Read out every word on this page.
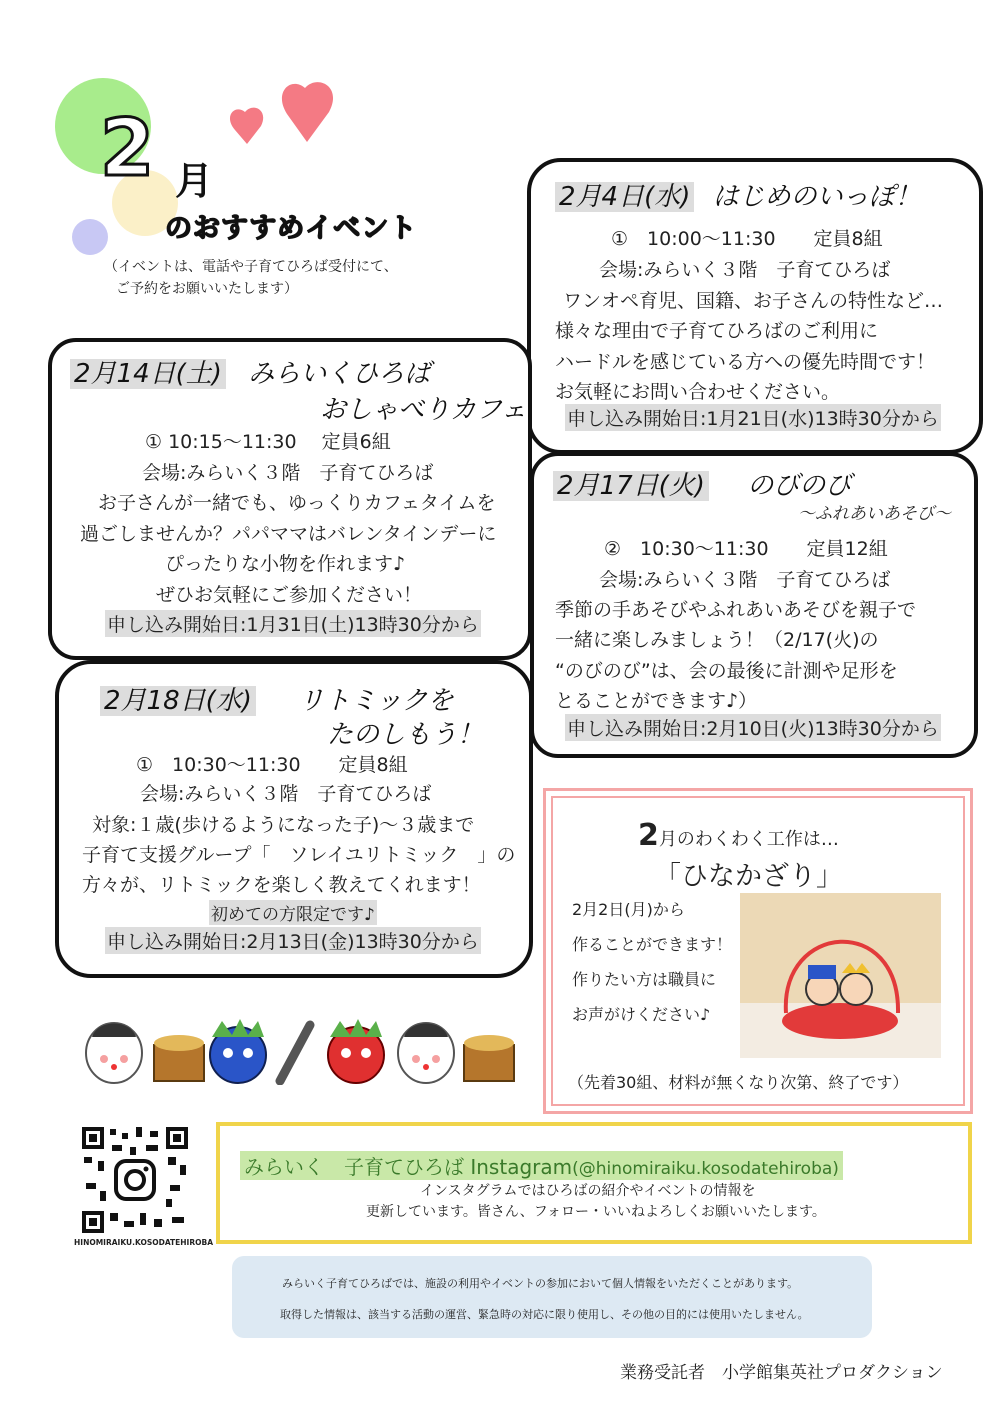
2 月
のおすすめイベント
（イベントは、電話や子育てひろば受付にて、
ご予約をお願いいたします）
2月4日(水) はじめのいっぽ！
①　10:00～11:30　　定員8組
会場:みらいく３階　子育てひろば
ワンオペ育児、国籍、お子さんの特性など…
様々な理由で子育てひろばのご利用に
ハードルを感じている方への優先時間です！
お気軽にお問い合わせください。
申し込み開始日:1月21日(水)13時30分から
2月14日(土) みらいくひろば
おしゃべりカフェ
① 10:15～11:30　 定員6組
会場:みらいく３階　子育てひろば
お子さんが一緒でも、ゆっくりカフェタイムを
過ごしませんか？パパママはバレンタインデーに
ぴったりな小物を作れます♪
ぜひお気軽にご参加ください！
申し込み開始日:1月31日(土)13時30分から
2月17日(火) のびのび
～ふれあいあそび～
②　10:30～11:30　　定員12組
会場:みらいく３階　子育てひろば
季節の手あそびやふれあいあそびを親子で
一緒に楽しみましょう！（2/17(火)の
“のびのび”は、会の最後に計測や足形を
とることができます♪）
申し込み開始日:2月10日(火)13時30分から
2月18日(水) リトミックを
たのしもう！
①　10:30～11:30　　定員8組
会場:みらいく３階　子育てひろば
対象:１歳(歩けるようになった子)～３歳まで
子育て支援グループ「　ソレイユリトミック　」の
方々が、リトミックを楽しく教えてくれます！
初めての方限定です♪
申し込み開始日:2月13日(金)13時30分から
2月のわくわく工作は…
「ひなかざり」
2月2日(月)から
作ることができます！
作りたい方は職員に
お声がけください♪
（先着30組、材料が無くなり次第、終了です）
HINOMIRAIKU.KOSODATEHIROBA
みらいく　子育てひろば Instagram(@hinomiraiku.kosodatehiroba)
インスタグラムではひろばの紹介やイベントの情報を
更新しています。皆さん、フォロー・いいねよろしくお願いいたします。
みらいく子育てひろばでは、施設の利用やイベントの参加において個人情報をいただくことがあります。
取得した情報は、該当する活動の運営、緊急時の対応に限り使用し、その他の目的には使用いたしません。
業務受託者　小学館集英社プロダクション
